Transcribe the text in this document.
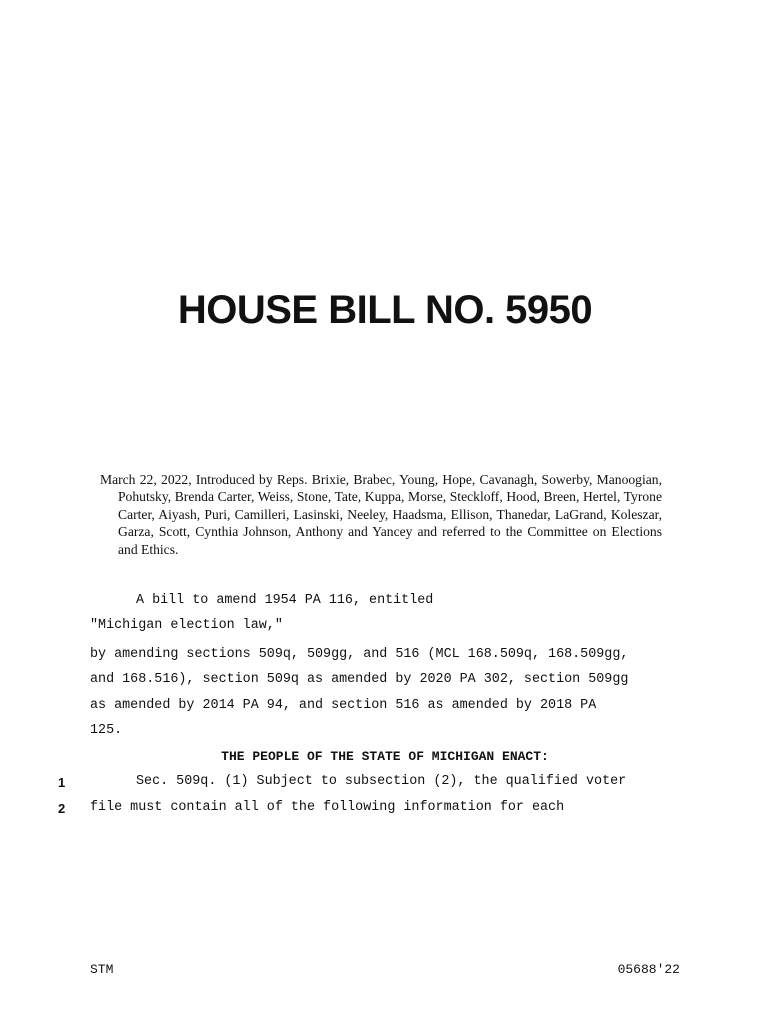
HOUSE BILL NO. 5950

March 22, 2022, Introduced by Reps. Brixie, Brabec, Young, Hope, Cavanagh, Sowerby, Manoogian, Pohutsky, Brenda Carter, Weiss, Stone, Tate, Kuppa, Morse, Steckloff, Hood, Breen, Hertel, Tyrone Carter, Aiyash, Puri, Camilleri, Lasinski, Neeley, Haadsma, Ellison, Thanedar, LaGrand, Koleszar, Garza, Scott, Cynthia Johnson, Anthony and Yancey and referred to the Committee on Elections and Ethics.

A bill to amend 1954 PA 116, entitled

"Michigan election law,"

by amending sections 509q, 509gg, and 516 (MCL 168.509q, 168.509gg,

and 168.516), section 509q as amended by 2020 PA 302, section 509gg

as amended by 2014 PA 94, and section 516 as amended by 2018 PA

125.

THE PEOPLE OF THE STATE OF MICHIGAN ENACT:

1	Sec. 509q. (1) Subject to subsection (2), the qualified voter

2 file must contain all of the following information for each

STM	05688'22
